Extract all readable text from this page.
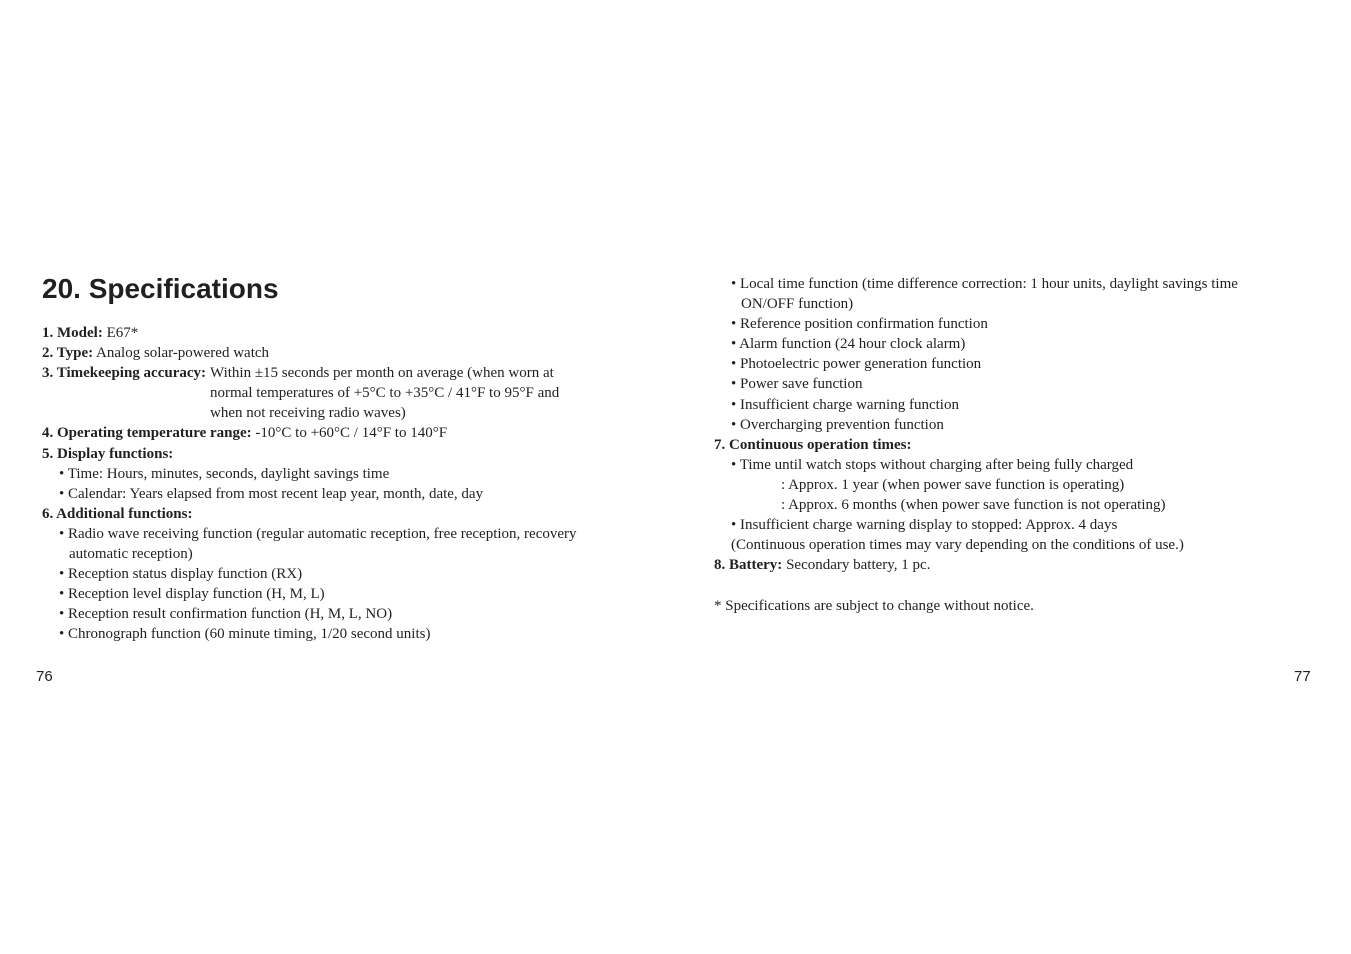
20. Specifications
1. Model: E67*
2. Type: Analog solar-powered watch
3. Timekeeping accuracy: Within ±15 seconds per month on average (when worn at
normal temperatures of +5°C to +35°C / 41°F to 95°F and
when not receiving radio waves)
4. Operating temperature range: -10°C to +60°C / 14°F to 140°F
5. Display functions:
• Time: Hours, minutes, seconds, daylight savings time
• Calendar: Years elapsed from most recent leap year, month, date, day
6. Additional functions:
• Radio wave receiving function (regular automatic reception, free reception, recovery
automatic reception)
• Reception status display function (RX)
• Reception level display function (H, M, L)
• Reception result confirmation function (H, M, L, NO)
• Chronograph function (60 minute timing, 1/20 second units)
76
• Local time function (time difference correction: 1 hour units, daylight savings time
ON/OFF function)
• Reference position confirmation function
• Alarm function (24 hour clock alarm)
• Photoelectric power generation function
• Power save function
• Insufficient charge warning function
• Overcharging prevention function
7. Continuous operation times:
• Time until watch stops without charging after being fully charged
: Approx. 1 year (when power save function is operating)
: Approx. 6 months (when power save function is not operating)
• Insufficient charge warning display to stopped: Approx. 4 days
(Continuous operation times may vary depending on the conditions of use.)
8. Battery: Secondary battery, 1 pc.
* Specifications are subject to change without notice.
77
